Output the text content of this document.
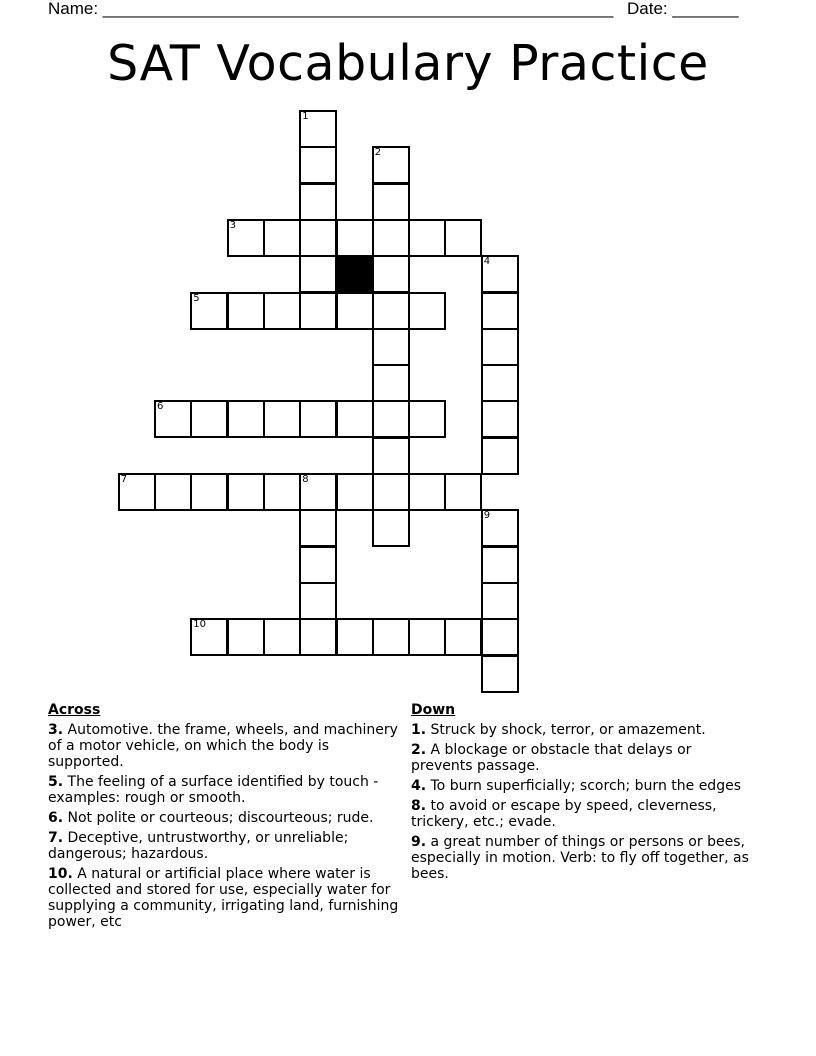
Name: ______________________________________________________ Date: _______
SAT Vocabulary Practice
1
3
5
6
7	8
10
4
9
2
Across
3. Automotive. the frame, wheels, and machinery of a motor vehicle, on which the body is supported.
5. The feeling of a surface identified by touch - examples: rough or smooth.
6. Not polite or courteous; discourteous; rude.
7. Deceptive, untrustworthy, or unreliable; dangerous; hazardous.
10. A natural or artificial place where water is collected and stored for use, especially water for supplying a community, irrigating land, furnishing power, etc
Down
1. Struck by shock, terror, or amazement.
2. A blockage or obstacle that delays or prevents passage.
4. To burn superficially; scorch; burn the edges
8. to avoid or escape by speed, cleverness, trickery, etc.; evade.
9. a great number of things or persons or bees, especially in motion. Verb: to fly off together, as bees.
